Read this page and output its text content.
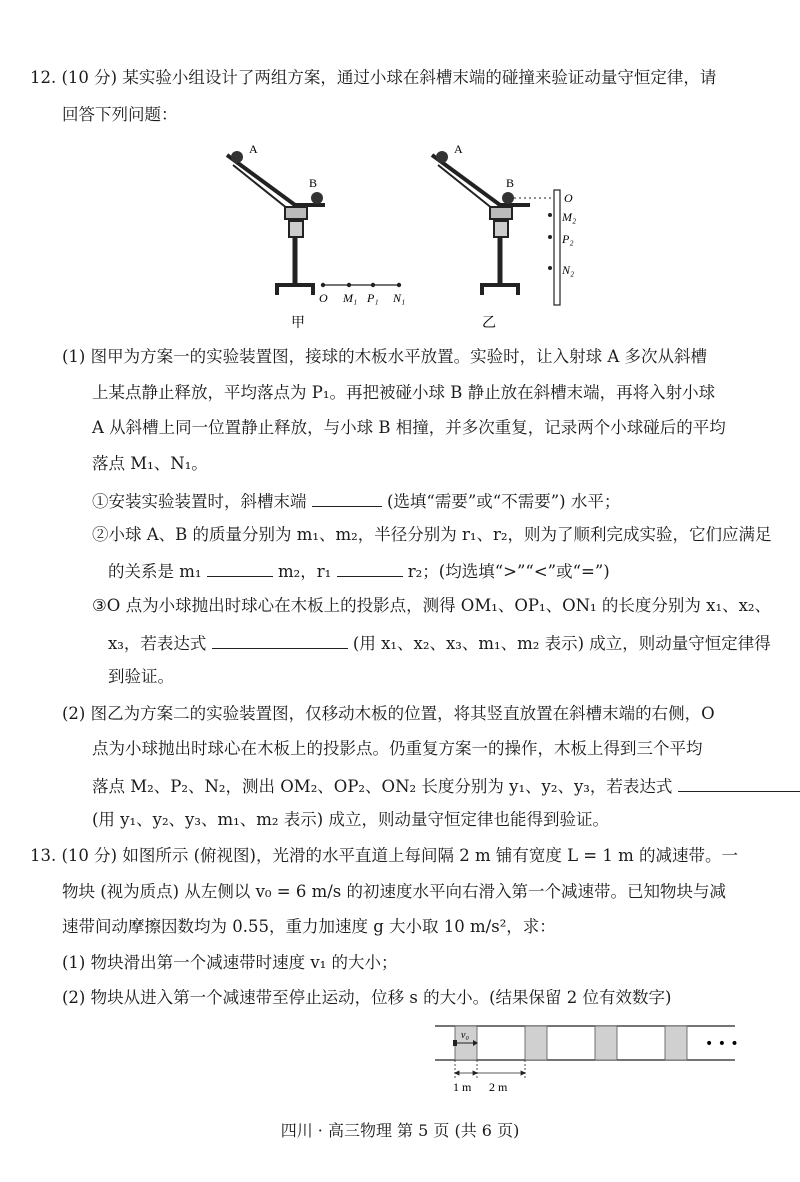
12. (10 分) 某实验小组设计了两组方案，通过小球在斜槽末端的碰撞来验证动量守恒定律，请
回答下列问题：
A
B
O M₁ P₁ N₁
甲
A
B
O
M₂
P₂
N₂
乙
(1) 图甲为方案一的实验装置图，接球的木板水平放置。实验时，让入射球 A 多次从斜槽
上某点静止释放，平均落点为 P₁。再把被碰小球 B 静止放在斜槽末端，再将入射小球
A 从斜槽上同一位置静止释放，与小球 B 相撞，并多次重复，记录两个小球碰后的平均
落点 M₁、N₁。
①安装实验装置时，斜槽末端	(选填“需要”或“不需要”) 水平；
②小球 A、B 的质量分别为 m₁、m₂，半径分别为 r₁、r₂，则为了顺利完成实验，它们应满足
的关系是 m₁	m₂，r₁	r₂；(均选填“>”“<”或“=”)
③O 点为小球抛出时球心在木板上的投影点，测得 OM₁、OP₁、ON₁ 的长度分别为 x₁、x₂、
x₃，若表达式	(用 x₁、x₂、x₃、m₁、m₂ 表示) 成立，则动量守恒定律得
到验证。
(2) 图乙为方案二的实验装置图，仅移动木板的位置，将其竖直放置在斜槽末端的右侧，O
点为小球抛出时球心在木板上的投影点。仍重复方案一的操作，木板上得到三个平均
落点 M₂、P₂、N₂，测出 OM₂、OP₂、ON₂ 长度分别为 y₁、y₂、y₃，若表达式
(用 y₁、y₂、y₃、m₁、m₂ 表示) 成立，则动量守恒定律也能得到验证。
13. (10 分) 如图所示 (俯视图)，光滑的水平直道上每间隔 2 m 铺有宽度 L = 1 m 的减速带。一
物块 (视为质点) 从左侧以 v₀ = 6 m/s 的初速度水平向右滑入第一个减速带。已知物块与减
速带间动摩擦因数均为 0.55，重力加速度 g 大小取 10 m/s²，求：
(1) 物块滑出第一个减速带时速度 v₁ 的大小；
(2) 物块从进入第一个减速带至停止运动，位移 s 的大小。(结果保留 2 位有效数字)
v₀
• • •
1 m 2 m
四川 · 高三物理 第 5 页 (共 6 页)
